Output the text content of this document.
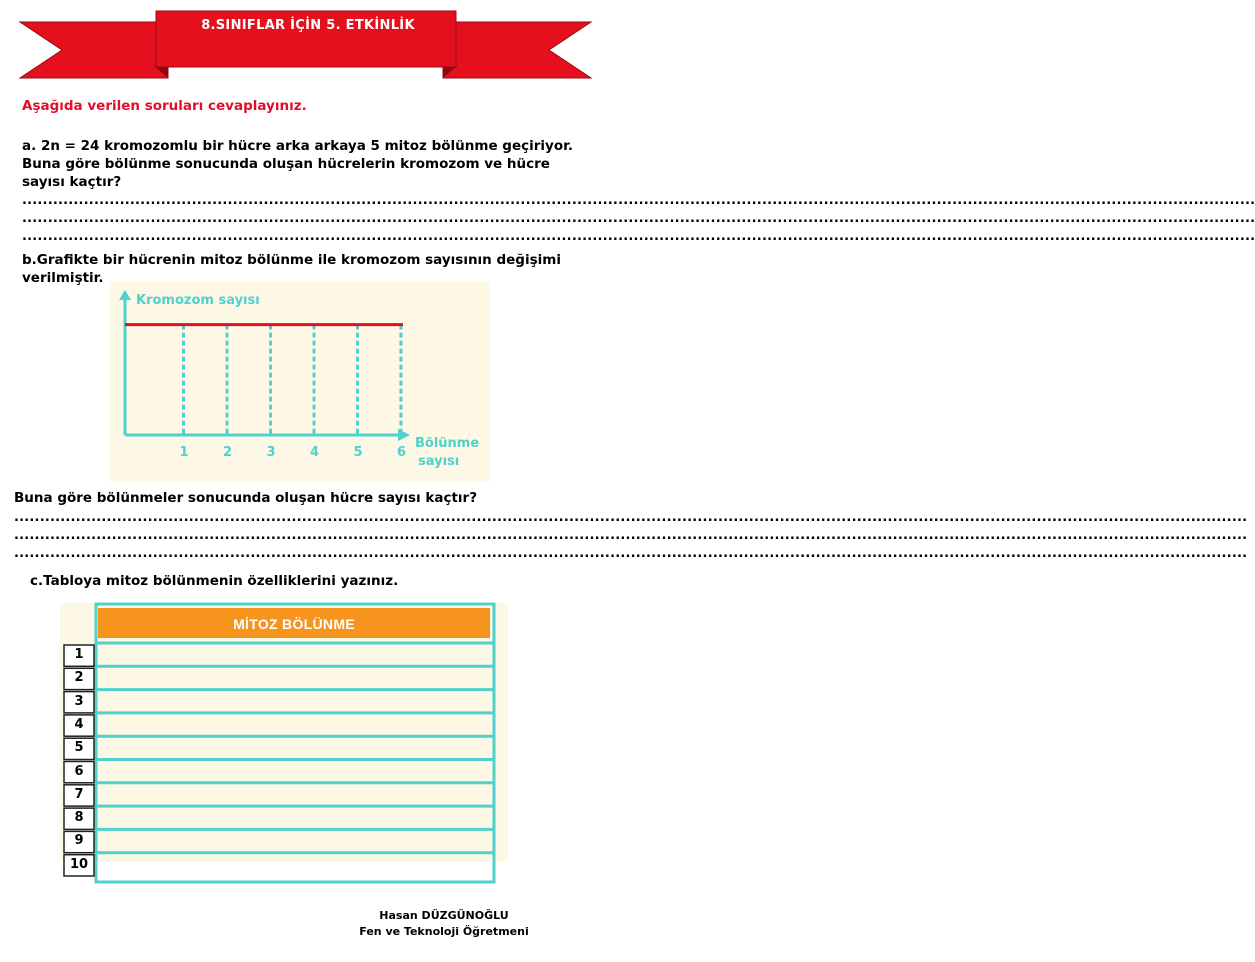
8.SINIFLAR İÇİN 5. ETKİNLİK
Aşağıda verilen soruları cevaplayınız.
a. 2n = 24 kromozomlu bir hücre arka arkaya 5 mitoz bölünme geçiriyor.
Buna göre bölünme sonucunda oluşan hücrelerin kromozom ve hücre
sayısı kaçtır?
................................................................................................................................................................................................................................................
................................................................................................................................................................................................................................................
................................................................................................................................................................................................................................................
b.Grafikte bir hücrenin mitoz bölünme ile kromozom sayısının değişimi
verilmiştir.
Kromozom sayısı
Bölünme
sayısı
1	2	3	4	5	6
Buna göre bölünmeler sonucunda oluşan hücre sayısı kaçtır?
................................................................................................................................................................................................................................................
................................................................................................................................................................................................................................................
................................................................................................................................................................................................................................................
c.Tabloya mitoz bölünmenin özelliklerini yazınız.
MİTOZ BÖLÜNME
1
2
3
4
5
6
7
8
9
10
Hasan DÜZGÜNOĞLU
Fen ve Teknoloji Öğretmeni
